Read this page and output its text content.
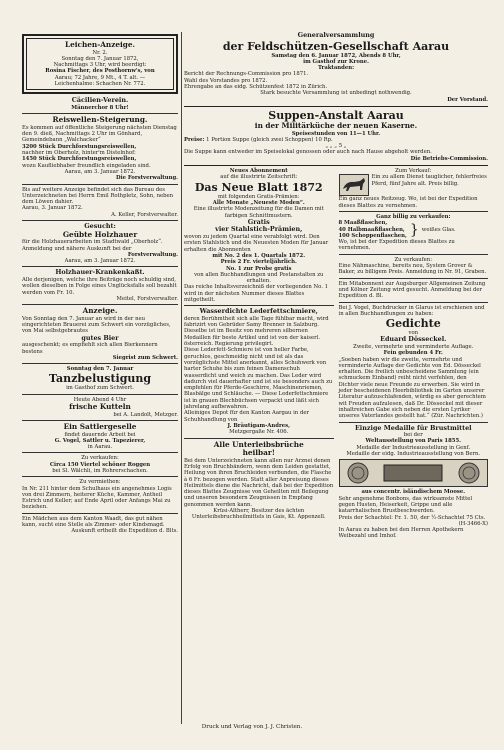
Leichen-Anzeige.
Nr. 2.
Sonntag den 7. Januar 1872,
Nachmittags 3 Uhr, wird beerdigt:
Rosina Fischer, des Posthornw's, von
Aarau; 72 Jahre, 9 Mt., 4 T. alt. —
Leichenhalme: Schachen Nr. 772.
Cäcilien-Verein.
Männerchor 8 Uhr!
Reiswellen-Steigerung.
Es kommen auf öffentliche Steigerung nächsten Dienstag den 9. dieß, Nachmittags 2 Uhr im Gönhard, Gemeindebann „Walchacker“
3200 Stück Durchforstungsreiswellen,
nachher im Oberholz, hinter'm Distelnhof:
1450 Stück Durchforstungsreiswellen,
wozu Kaufliebhaber freundlich eingeladen sind.
Aarau, am 3. Januar 1872.
Die Forstverwaltung.
Bis auf weitere Anzeige befindet sich das Bureau des Unterzeichneten bei Herrn Emil Rothpletz, Sohn, neben dem Löwen dahier.
Aarau, 3. Januar 1872.
A. Keller, Forstverwalter.
Gesucht:
Geübte Holzhauer
für die Holzhauerarbeiten im Stadtwald „Oberholz“.
Anmeldung und nähere Auskunft bei der
Forstverwaltung.
Aarau, am 3. Januar 1872.
Holzhauer-Krankenkaßt.
Alle derjenigen, welche ihre Beiträge noch schuldig sind, wollen dieselben in Folge eines Unglücksfalls soll bezahlt werden vom Fr. 10.
Meitel, Forstverwalter.
Anzeige.
Von Sonntag den 7. Januar an wird in der neu eingerichteten Brauerei zum Schwert ein vorzügliches, von Mai selbstgebrautes
gutes Bier
ausgeschenkt; es empfiehlt sich allen Bierkennern bestens
Siegrist zum Schwert.
Sonntag den 7. Januar
Tanzbelustigung
im Gasthof zum Schwert.
Heute Abend 4 Uhr
frische Kutteln
bei A. Landolt, Metzger.
Ein Sattlergeselle
findet dauernde Arbeit bei
G. Vogel, Sattler u. Tapezierer,
in Aarau.
Zu verkaufen:
Circa 150 Viertel schöner Roggen
bei Sl. Wälchli, im Rohrerschachen.
Zu vermiethen:
In Nr. 211 hinter dem Schulhaus ein angenehmes Logis von drei Zimmern, heiterer Küche, Kammer, Antheil Estrich und Keller; auf Ende April oder Anfangs Mai zu beziehen.
Ein Mädchen aus dem Kanton Waadt, das gut nähen kann, sucht eine Stelle als Zimmer- oder Kindsmagd.
Auskunft ertheilt die Expedition d. Blts.
Generalversammlung
der Feldschützen-Gesellschaft Aarau
Samstag den 6. Januar 1872, Abends 8 Uhr,
im Gasthof zur Krone.
Traktanden:
Bericht der Rechnungs-Commission pro 1871.
Wahl des Vorstandes pro 1872.
Ehrengabe an das eidg. Schützenfest 1872 in Zürich.
Stark besuchte Versammlung ist unbedingt nothwendig.
Der Vorstand.
Suppen-Anstalt Aarau
in der Militärküche der neuen Kaserne.
Speisestunden von 11—1 Uhr.
Preise: 1 Portion Suppe (gleich zwei Schoppen) 10 Rp.
„ „ „ 5 „
Die Suppe kann entweder im Speiselokal genossen oder auch nach Hause abgeholt werden.
Die Betriebs-Commission.
Neues Abonnement
auf die illustrirte Zeitschrift:
Das Neue Blatt 1872
mit folgenden Gratis-Prämien:
Alle Monate „Neueste Moden“.
Eine illustrirte Modenzeitung für die Damen mit farbigen Schnittmustern.
Gratis
vier Stahlstich-Prämien,
wovon zu jedem Quartal eine verabfolgt wird. Den ersten Stahlstich und die Neuesten Moden für Januar erhalten die Abonnenten
mit No. 2 des 1. Quartals 1872.
Preis 2 Fr. vierteljährlich.
No. 1 zur Probe gratis
von allen Buchhandlungen und Postanstalten zu erhalten.
Das reiche Inhaltsverzeichniß der vorliegenden No. 1 wird in der nächsten Nummer dieses Blattes mitgetheilt.
Wasserdichte Lederfettschmiere,
deren Berühmtheit sich alle Tage fühlbar macht, wird fabrizirt von Gebrüder Samy Brenner in Salzburg. Dieselbe ist im Besitz von mehreren silbernen Medaillen für beste Artikel und ist von der kaiserl. österreich. Regierung privilegirt.
Diese Lederfett-Schmiere ist von heller Farbe, geruchlos, geschmeidig nicht und ist als das vorzüglichste Mittel anerkannt, alles Schuhwerk von harter Schuhe bis zum feinen Damenschuh wasserdicht und weich zu machen. Das Leder wird dadurch viel dauerhafter und ist sie besonders auch zu empfehlen für Pferde-Geschirre, Maschinenriemen, Blasbälge und Schläuche. — Diese Lederfettschmiere ist in grauen Blechbüchsen verpackt und läßt sich jahrelang aufbewahren.
Alleiniges Depot für den Kanton Aargau in der Schuhhandlung von
J. Bräutigam-Andres,
Metzgergaße Nr. 406.
Alle Unterleibsbrüche
heilbar!
Bei dem Unterzeichneten kann allen nur Arznei denen Erfolg von Bruchbändern, wenn dem Leiden gestattet, Heilung von ihren Bruchleiden verbunden, die Flasche à 6 Fr. bezogen werden. Statt aller Anpreisung dieses Heilmittels diene die Nachricht, daß bei der Expedition dieses Blattes Zeugnisse von Geheilten mit Beilegung und unseren besondern Zeugnissen in Empfang genommen werden kann.
Krüsi-Altherr, Besitzer des ächten Unterleibsbruchheilmittels in Gais, Kt. Appenzell.
Zum Verkauf:
Ein zu allem Dienst tauglicher, fehlerfreies Pferd, fünf Jahre alt. Preis billig.
Ein ganz neues Reitzeug. Wo, ist bei der Expedition dieses Blattes zu vernehmen.
Ganz billig zu verkaufen:
8 Maaßflaschen,
40 Halbmaaßflaschen,
100 Schoppenflaschen, } weißes Glas.
Wo, ist bei der Expedition dieses Blattes zu vernehmen.
Zu verkaufen:
Eine Nähmaschine, bereits neu, System Grover & Baker, zu billigem Preis. Anmeldung in Nr. 91, Graben.
Ein Mitabonnent zur Augsburger Allgemeinen Zeitung und Kölner Zeitung wird gesucht. Anmeldung bei der Expedition d. Bl.
Bei J. Vogel, Buchdrucker in Glarus ist erschienen und in allen Buchhandlungen zu haben:
Gedichte
von
Eduard Dösseckel.
Zweite, vermehrte und verminderte Auflage.
Fein gebunden 4 Fr.
„Soeben haben wir die zweite, vermehrte und verminderte Auflage der Gedichte von Ed. Dösseckel erhalten. Die freilich unbescheidene Sammlung (ein schmuckem Einband) reiht nicht verfehlen, den Dichter viele neue Freunde zu erwerben. Sie wird in jeder bescheidenen Heerbibliothek im Garten unserer Literatur aufzuschlafenden, würdig es aber gerechtem wit Freuden aufzulesen, daß Dr. Dösseckel mit dieser inhaltreichen Gabe sich neben die ersten Lyriker unseres Vaterlandes gestellt hat.“ (Zür. Nachrichten.)
Einzige Medaille für Brustmittel
bei der
Weltausstellung von Paris 1855.
Medaille der Industrieausstellung in Genf.
Medaille der eidg. Industrieausstellung von Bern.
aus concentr. isländischem Moose.
Sehr angenehme Bonbons, das wirksamste Mittel gegen Husten, Heiserkeit, Grippe und alle katarrhalischen Brustbeschwerden.
Preis der Schachtel: Fr. 1. 50, der ½-Schachtel 75 Cts.
(H-3466-X)
In Aarau zu haben bei den Herren Apothekern Weibezahl und Imhof.
Druck und Verlag von J. J. Christen.
